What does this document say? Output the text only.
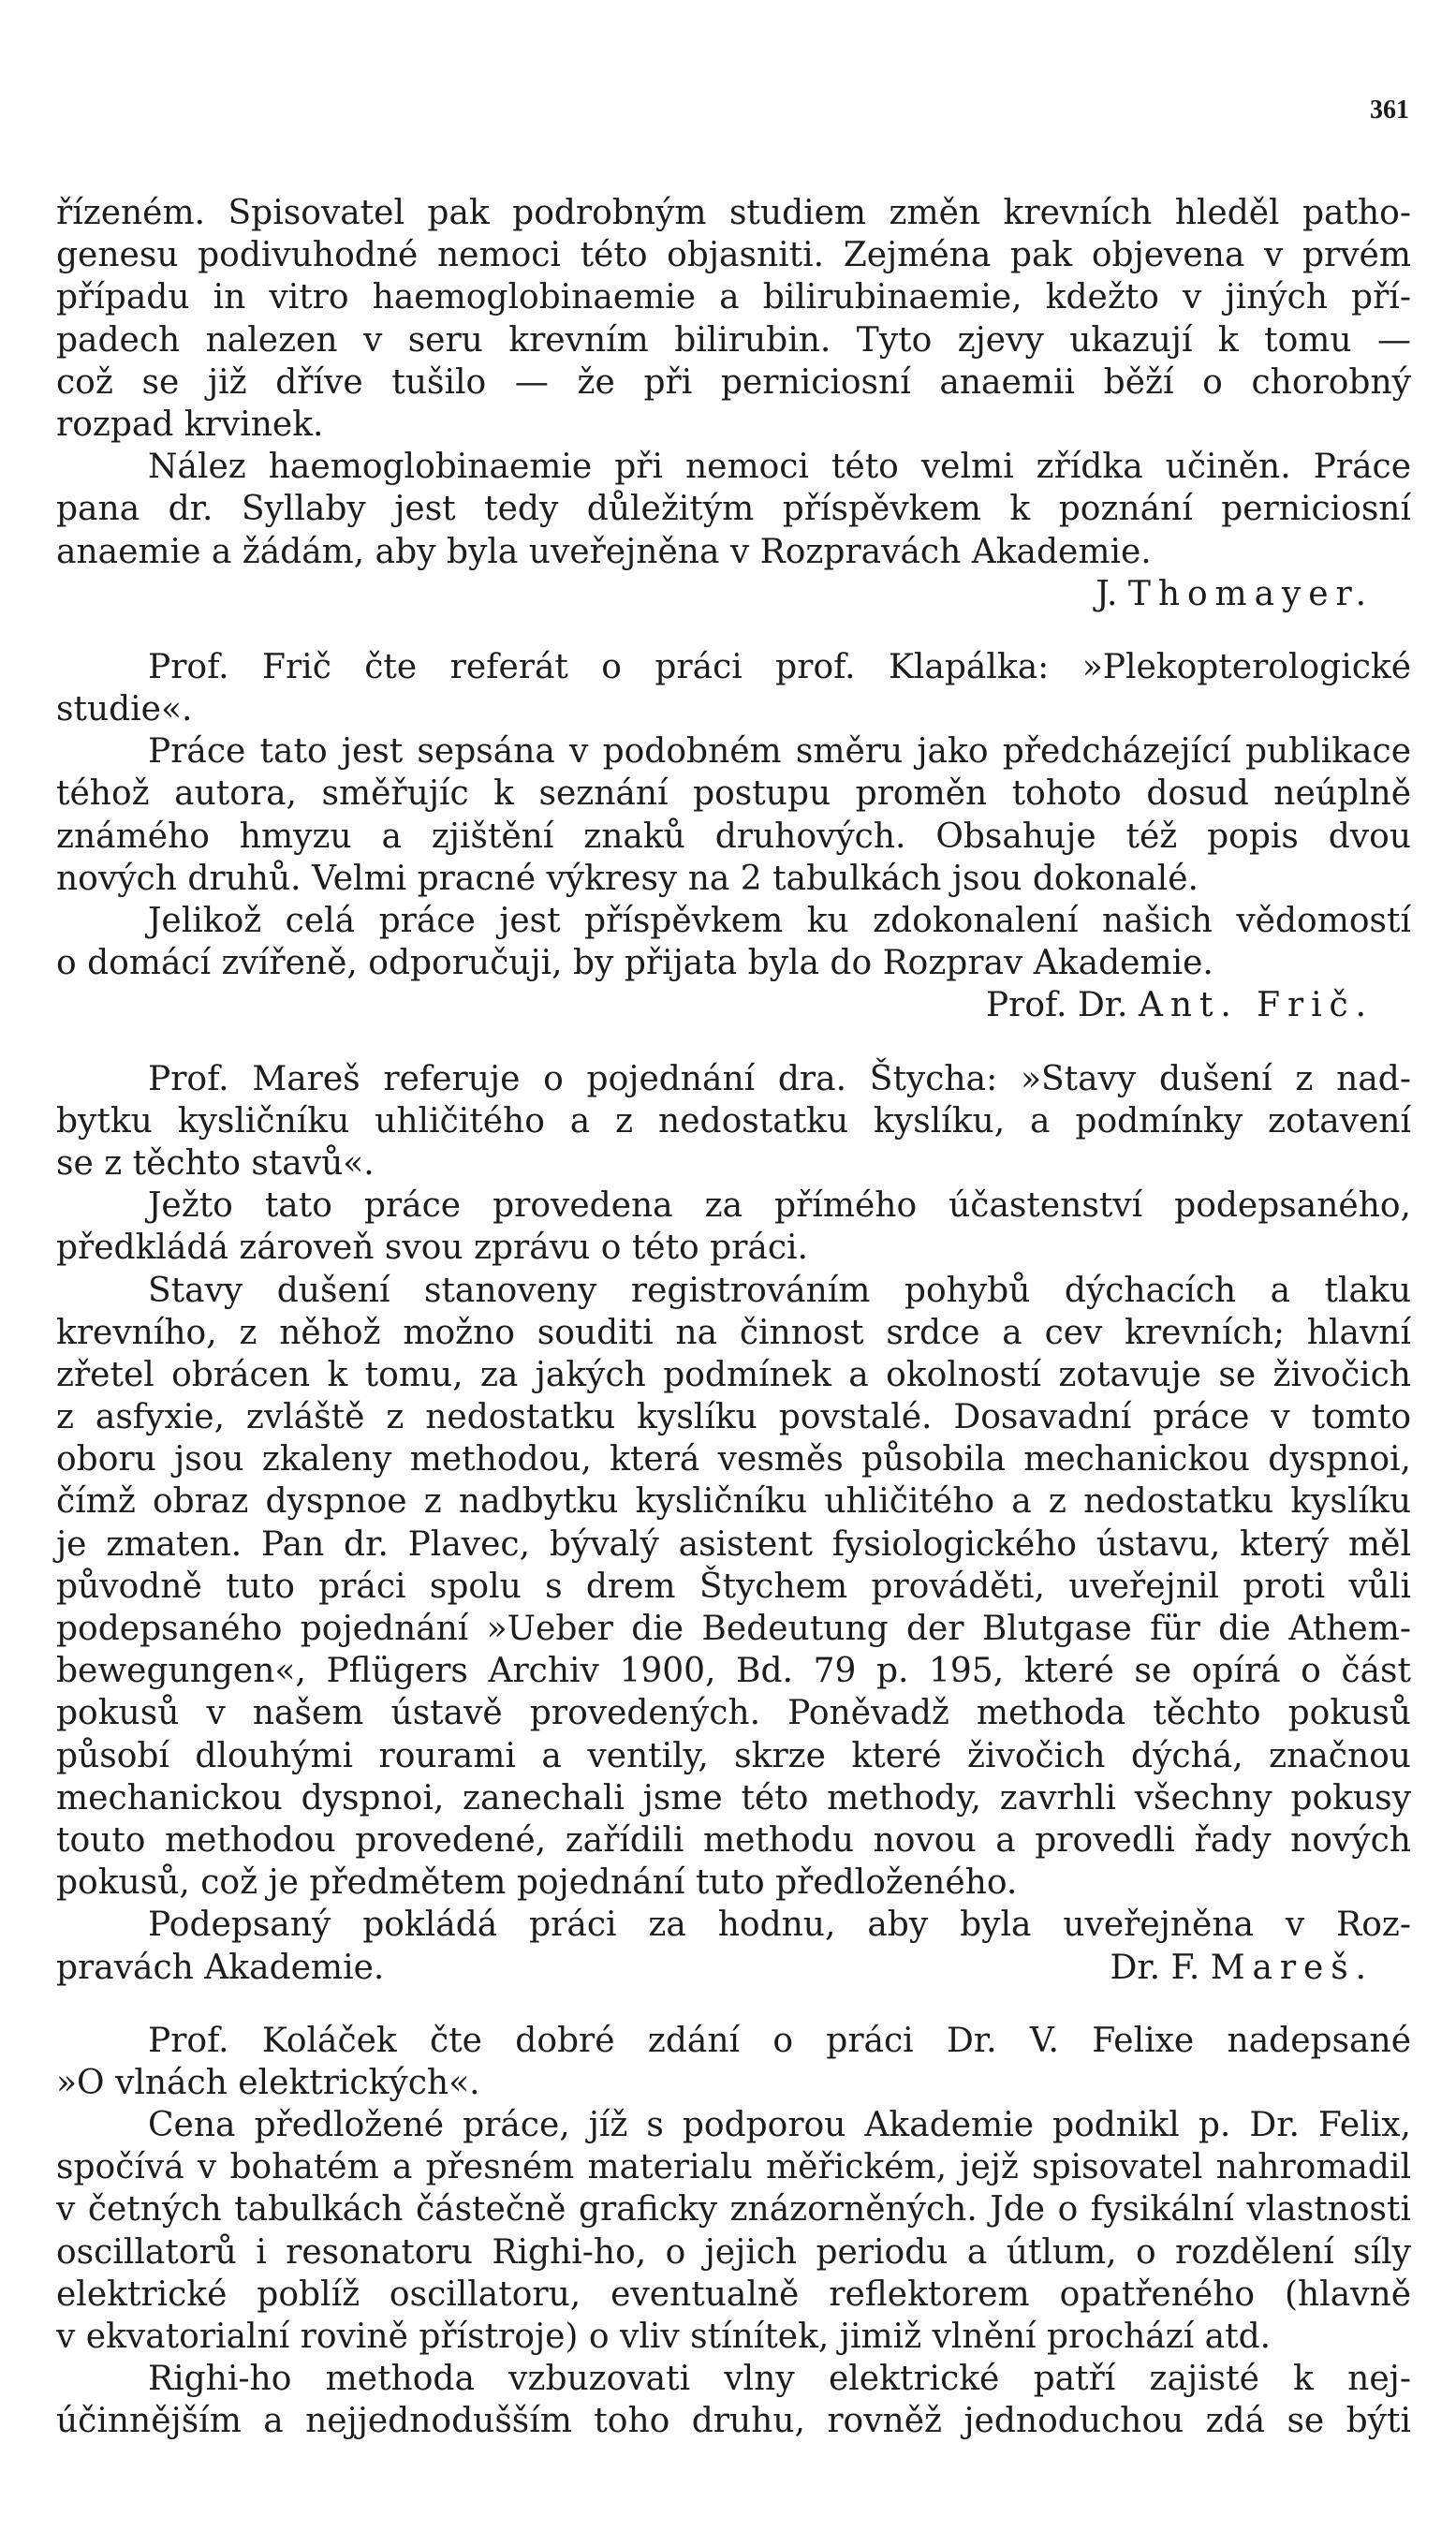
361
řízeném. Spisovatel pak podrobným studiem změn krevních hleděl patho-
genesu podivuhodné nemoci této objasniti. Zejména pak objevena v prvém
případu in vitro haemoglobinaemie a bilirubinaemie, kdežto v jiných pří-
padech nalezen v seru krevním bilirubin. Tyto zjevy ukazují k tomu —
což se již dříve tušilo — že při perniciosní anaemii běží o chorobný
rozpad krvinek.
Nález haemoglobinaemie při nemoci této velmi zřídka učiněn. Práce
pana dr. Syllaby jest tedy důležitým příspěvkem k poznání perniciosní
anaemie a žádám, aby byla uveřejněna v Rozpravách Akademie.
J. Thomayer.
Prof. Frič čte referát o práci prof. Klapálka: »Plekopterologické
studie«.
Práce tato jest sepsána v podobném směru jako předcházející publikace
téhož autora, směřujíc k seznání postupu proměn tohoto dosud neúplně
známého hmyzu a zjištění znaků druhových. Obsahuje též popis dvou
nových druhů. Velmi pracné výkresy na 2 tabulkách jsou dokonalé.
Jelikož celá práce jest příspěvkem ku zdokonalení našich vědomostí
o domácí zvířeně, odporučuji, by přijata byla do Rozprav Akademie.
Prof. Dr. Ant. Frič.
Prof. Mareš referuje o pojednání dra. Štycha: »Stavy dušení z nad-
bytku kysličníku uhličitého a z nedostatku kyslíku, a podmínky zotavení
se z těchto stavů«.
Ježto tato práce provedena za přímého účastenství podepsaného,
předkládá zároveň svou zprávu o této práci.
Stavy dušení stanoveny registrováním pohybů dýchacích a tlaku
krevního, z něhož možno souditi na činnost srdce a cev krevních; hlavní
zřetel obrácen k tomu, za jakých podmínek a okolností zotavuje se živočich
z asfyxie, zvláště z nedostatku kyslíku povstalé. Dosavadní práce v tomto
oboru jsou zkaleny methodou, která vesměs působila mechanickou dyspnoi,
čímž obraz dyspnoe z nadbytku kysličníku uhličitého a z nedostatku kyslíku
je zmaten. Pan dr. Plavec, bývalý asistent fysiologického ústavu, který měl
původně tuto práci spolu s drem Štychem prováděti, uveřejnil proti vůli
podepsaného pojednání »Ueber die Bedeutung der Blutgase für die Athem-
bewegungen«, Pflügers Archiv 1900, Bd. 79 p. 195, které se opírá o část
pokusů v našem ústavě provedených. Poněvadž methoda těchto pokusů
působí dlouhými rourami a ventily, skrze které živočich dýchá, značnou
mechanickou dyspnoi, zanechali jsme této methody, zavrhli všechny pokusy
touto methodou provedené, zařídili methodu novou a provedli řady nových
pokusů, což je předmětem pojednání tuto předloženého.
Podepsaný pokládá práci za hodnu, aby byla uveřejněna v Roz-
pravách Akademie.	Dr. F. Mareš.
Prof. Koláček čte dobré zdání o práci Dr. V. Felixe nadepsané
»O vlnách elektrických«.
Cena předložené práce, jíž s podporou Akademie podnikl p. Dr. Felix,
spočívá v bohatém a přesném materialu měřickém, jejž spisovatel nahromadil
v četných tabulkách částečně graficky znázorněných. Jde o fysikální vlastnosti
oscillatorů i resonatoru Righi-ho, o jejich periodu a útlum, o rozdělení síly
elektrické poblíž oscillatoru, eventualně reflektorem opatřeného (hlavně
v ekvatorialní rovině přístroje) o vliv stínítek, jimiž vlnění prochází atd.
Righi-ho methoda vzbuzovati vlny elektrické patří zajisté k nej-
účinnějším a nejjednodušším toho druhu, rovněž jednoduchou zdá se býti
